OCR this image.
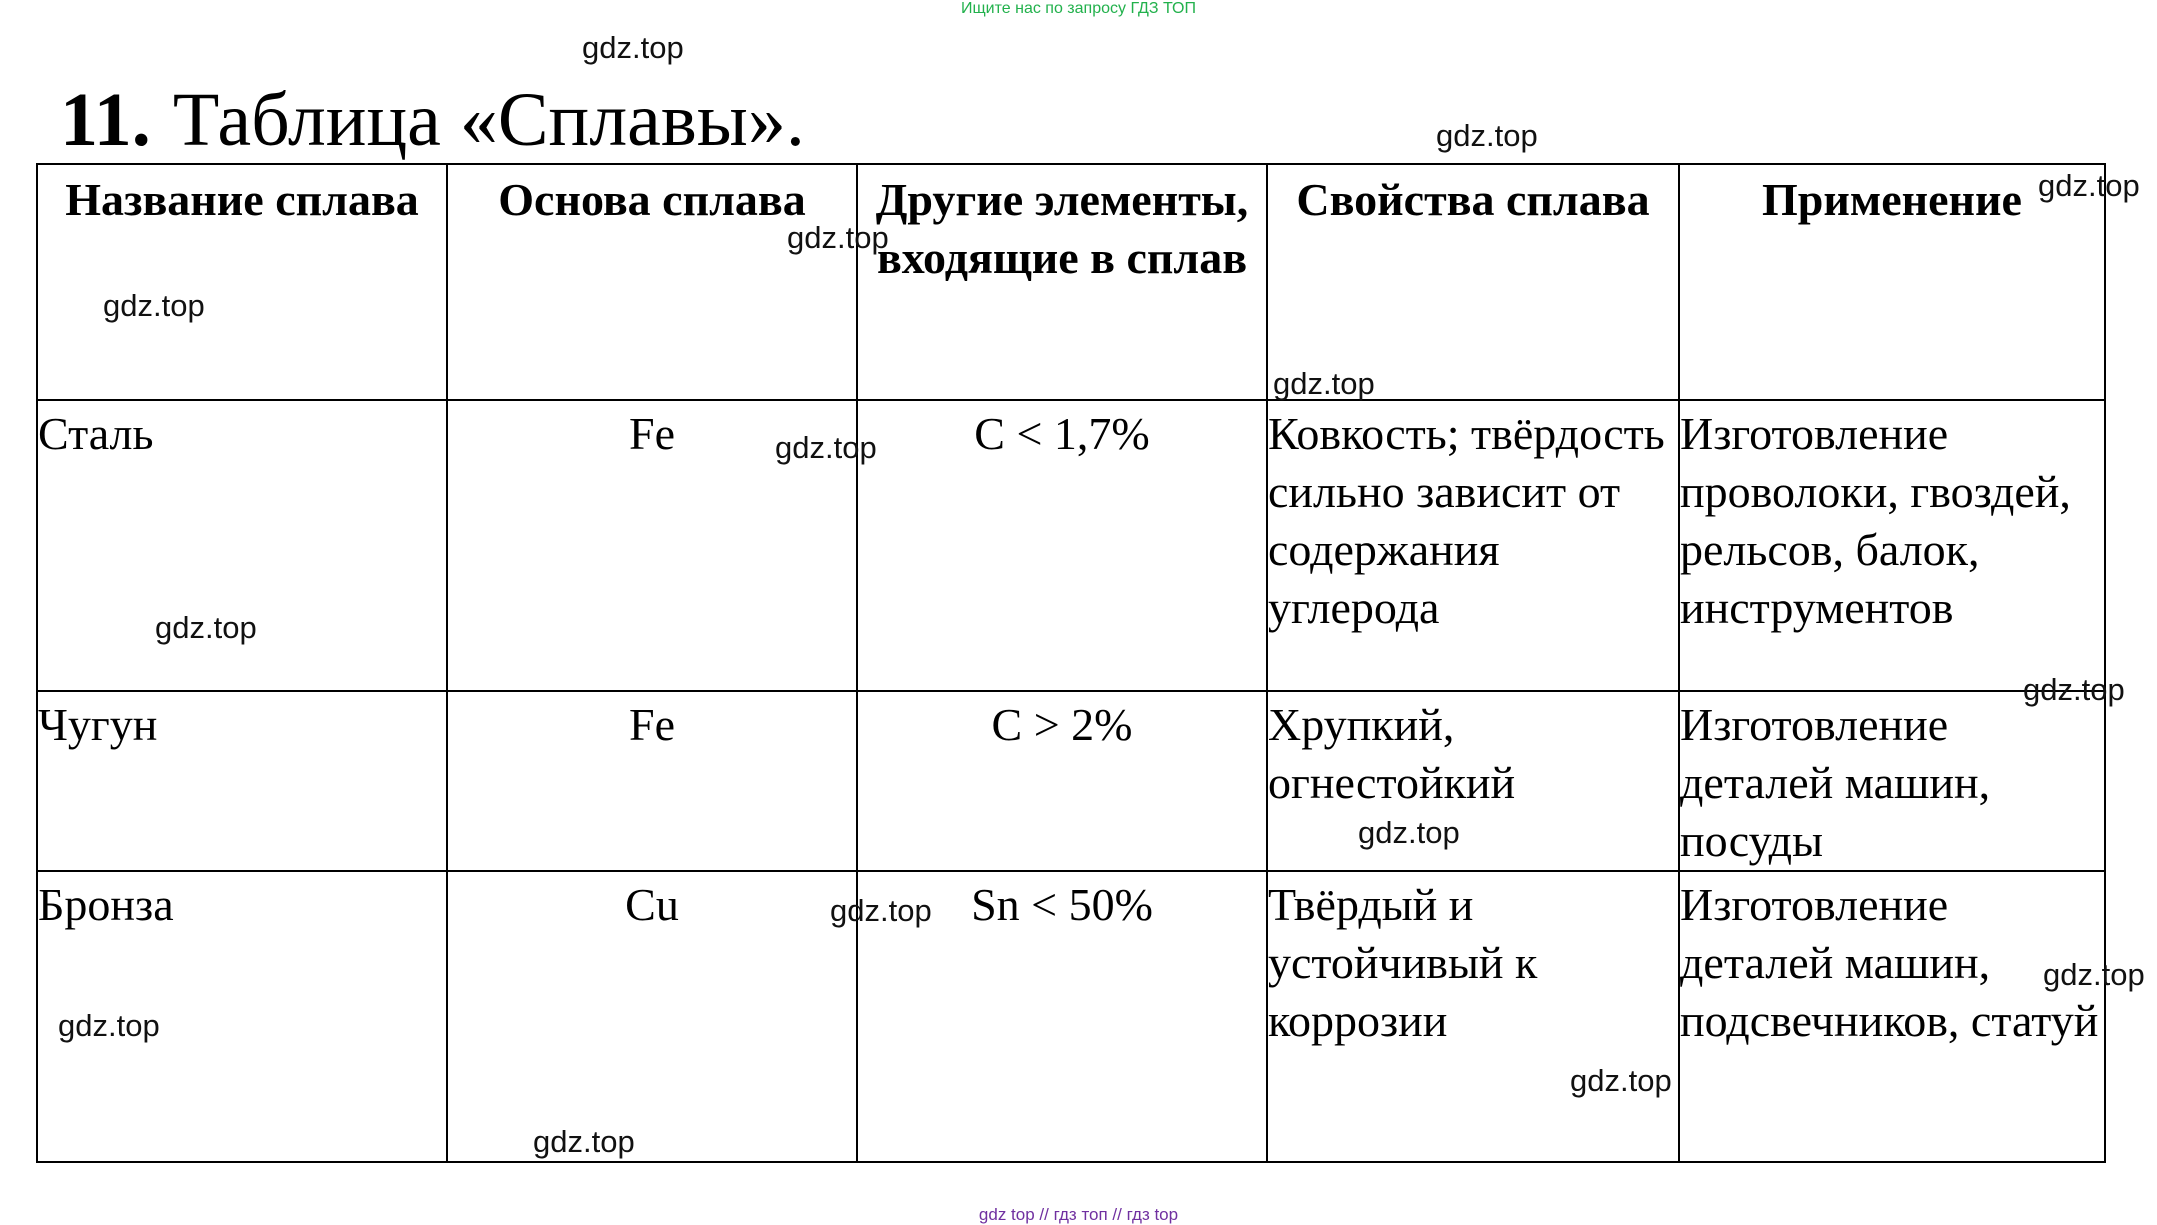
Ищите нас по запросу ГДЗ ТОП
11. Таблица «Сплавы».
Название сплава	Основа сплава	Другие элементы, входящие в сплав	Свойства сплава	Применение
Сталь	Fe	C < 1,7%	Ковкость; твёрдость сильно зависит от содержания углерода	Изготовление проволоки, гвоздей, рельсов, балок, инструментов
Чугун	Fe	C > 2%	Хрупкий, огнестойкий	Изготовление деталей машин, посуды
Бронза	Cu	Sn < 50%	Твёрдый и устойчивый к коррозии	Изготовление деталей машин, подсвечников, статуй
gdz.top
gdz.top
gdz.top
gdz.top
gdz.top
gdz.top
gdz.top
gdz.top
gdz.top
gdz.top
gdz.top
gdz.top
gdz.top
gdz.top
gdz.top
gdz top // гдз топ // гдз top
